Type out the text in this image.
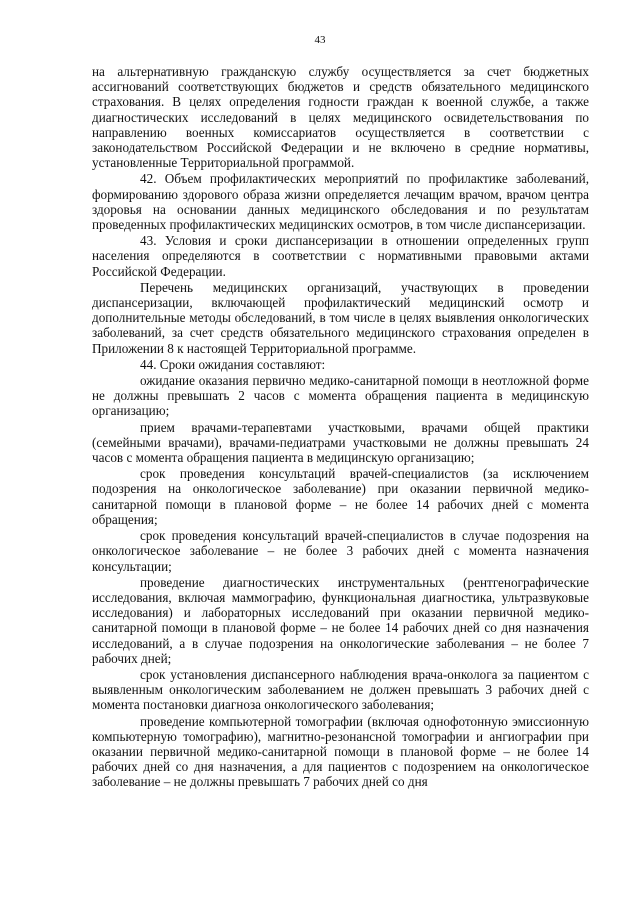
43

на альтернативную гражданскую службу осуществляется за счет бюджетных ассигнований соответствующих бюджетов и средств обязательного медицинского страхования. В целях определения годности граждан к военной службе, а также диагностических исследований в целях медицинского освидетельствования по направлению военных комиссариатов осуществляется в соответствии с законодательством Российской Федерации и не включено в средние нормативы, установленные Территориальной программой.

42. Объем профилактических мероприятий по профилактике заболеваний, формированию здорового образа жизни определяется лечащим врачом, врачом центра здоровья на основании данных медицинского обследования и по результатам проведенных профилактических медицинских осмотров, в том числе диспансеризации.

43. Условия и сроки диспансеризации в отношении определенных групп населения определяются в соответствии с нормативными правовыми актами Российской Федерации.

Перечень медицинских организаций, участвующих в проведении диспансеризации, включающей профилактический медицинский осмотр и дополнительные методы обследований, в том числе в целях выявления онкологических заболеваний, за счет средств обязательного медицинского страхования определен в Приложении 8 к настоящей Территориальной программе.

44. Сроки ожидания составляют:

ожидание оказания первично медико-санитарной помощи в неотложной форме не должны превышать 2 часов с момента обращения пациента в медицинскую организацию;

прием врачами-терапевтами участковыми, врачами общей практики (семейными врачами), врачами-педиатрами участковыми не должны превышать 24 часов с момента обращения пациента в медицинскую организацию;

срок проведения консультаций врачей-специалистов (за исключением подозрения на онкологическое заболевание) при оказании первичной медико-санитарной помощи в плановой форме – не более 14 рабочих дней с момента обращения;

срок проведения консультаций врачей-специалистов в случае подозрения на онкологическое заболевание – не более 3 рабочих дней с момента назначения консультации;

проведение диагностических инструментальных (рентгенографические исследования, включая маммографию, функциональная диагностика, ультразвуковые исследования) и лабораторных исследований при оказании первичной медико-санитарной помощи в плановой форме – не более 14 рабочих дней со дня назначения исследований, а в случае подозрения на онкологические заболевания – не более 7 рабочих дней;

срок установления диспансерного наблюдения врача-онколога за пациентом с выявленным онкологическим заболеванием не должен превышать 3 рабочих дней с момента постановки диагноза онкологического заболевания;

проведение компьютерной томографии (включая однофотонную эмиссионную компьютерную томографию), магнитно-резонансной томографии и ангиографии при оказании первичной медико-санитарной помощи в плановой форме – не более 14 рабочих дней со дня назначения, а для пациентов с подозрением на онкологическое заболевание – не должны превышать 7 рабочих дней со дня
